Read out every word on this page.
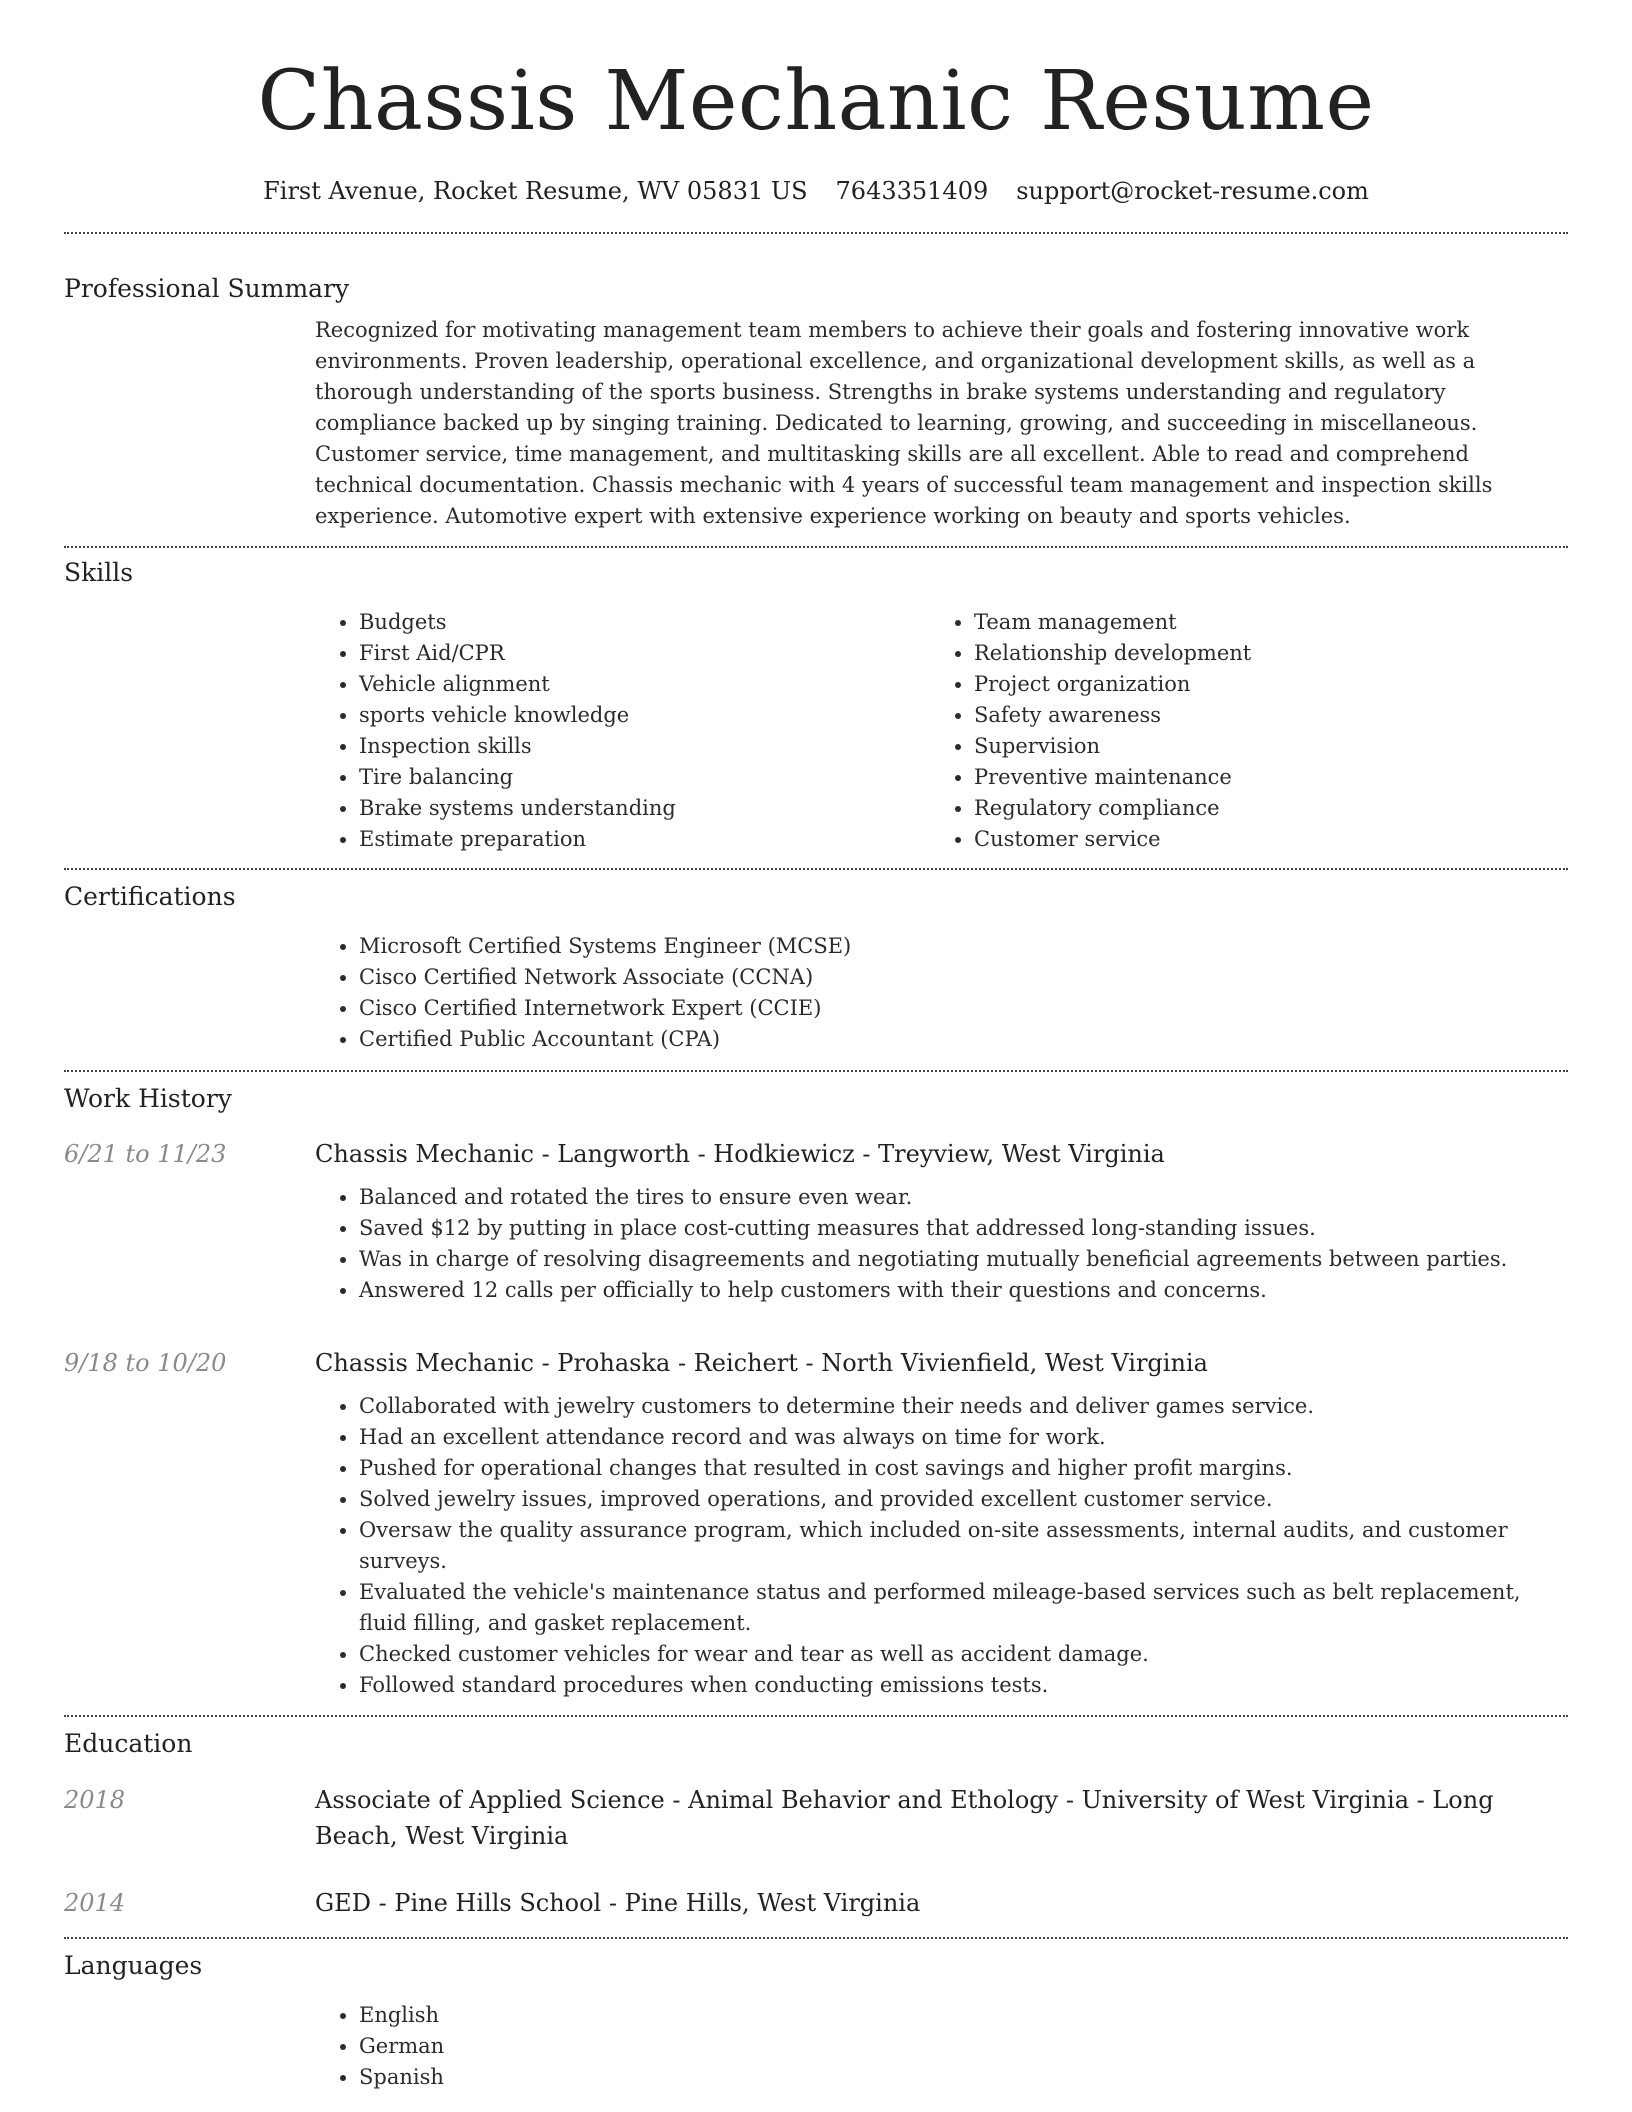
Chassis Mechanic Resume
First Avenue, Rocket Resume, WV 05831 US 7643351409 support@rocket-resume.com
Professional Summary
Recognized for motivating management team members to achieve their goals and fostering innovative work environments. Proven leadership, operational excellence, and organizational development skills, as well as a thorough understanding of the sports business. Strengths in brake systems understanding and regulatory compliance backed up by singing training. Dedicated to learning, growing, and succeeding in miscellaneous. Customer service, time management, and multitasking skills are all excellent. Able to read and comprehend technical documentation. Chassis mechanic with 4 years of successful team management and inspection skills experience. Automotive expert with extensive experience working on beauty and sports vehicles.
Skills
• Budgets
• First Aid/CPR
• Vehicle alignment
• sports vehicle knowledge
• Inspection skills
• Tire balancing
• Brake systems understanding
• Estimate preparation
• Team management
• Relationship development
• Project organization
• Safety awareness
• Supervision
• Preventive maintenance
• Regulatory compliance
• Customer service
Certifications
• Microsoft Certified Systems Engineer (MCSE)
• Cisco Certified Network Associate (CCNA)
• Cisco Certified Internetwork Expert (CCIE)
• Certified Public Accountant (CPA)
Work History
6/21 to 11/23	Chassis Mechanic - Langworth - Hodkiewicz - Treyview, West Virginia
• Balanced and rotated the tires to ensure even wear.
• Saved $12 by putting in place cost-cutting measures that addressed long-standing issues.
• Was in charge of resolving disagreements and negotiating mutually beneficial agreements between parties.
• Answered 12 calls per officially to help customers with their questions and concerns.
9/18 to 10/20	Chassis Mechanic - Prohaska - Reichert - North Vivienfield, West Virginia
• Collaborated with jewelry customers to determine their needs and deliver games service.
• Had an excellent attendance record and was always on time for work.
• Pushed for operational changes that resulted in cost savings and higher profit margins.
• Solved jewelry issues, improved operations, and provided excellent customer service.
• Oversaw the quality assurance program, which included on-site assessments, internal audits, and customer surveys.
• Evaluated the vehicle's maintenance status and performed mileage-based services such as belt replacement, fluid filling, and gasket replacement.
• Checked customer vehicles for wear and tear as well as accident damage.
• Followed standard procedures when conducting emissions tests.
Education
2018	Associate of Applied Science - Animal Behavior and Ethology - University of West Virginia - Long Beach, West Virginia
2014	GED - Pine Hills School - Pine Hills, West Virginia
Languages
• English
• German
• Spanish
